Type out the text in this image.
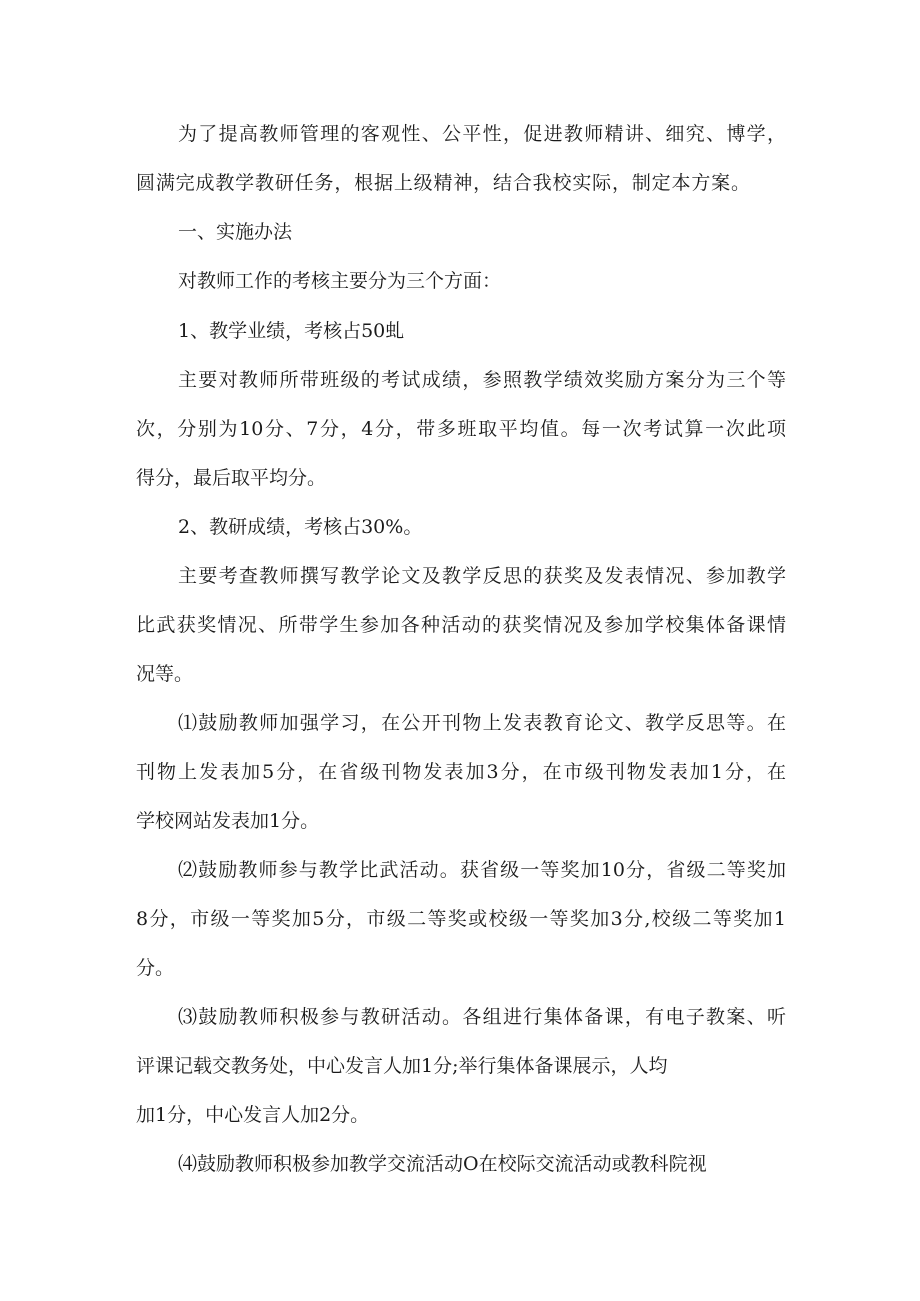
为了提高教师管理的客观性、公平性，促进教师精讲、细究、博学，
圆满完成教学教研任务，根据上级精神，结合我校实际，制定本方案。
一、实施办法
对教师工作的考核主要分为三个方面：
1、教学业绩，考核占50虬
主要对教师所带班级的考试成绩，参照教学绩效奖励方案分为三个等
次，分别为10分、7分，4分，带多班取平均值。每一次考试算一次此项
得分，最后取平均分。
2、教研成绩，考核占30%。
主要考查教师撰写教学论文及教学反思的获奖及发表情况、参加教学
比武获奖情况、所带学生参加各种活动的获奖情况及参加学校集体备课情
况等。
⑴鼓励教师加强学习，在公开刊物上发表教育论文、教学反思等。在
刊物上发表加5分，在省级刊物发表加3分，在市级刊物发表加1分，在
学校网站发表加1分。
⑵鼓励教师参与教学比武活动。获省级一等奖加10分，省级二等奖加
8分，市级一等奖加5分，市级二等奖或校级一等奖加3分,校级二等奖加1
分。
⑶鼓励教师积极参与教研活动。各组进行集体备课，有电子教案、听
评课记载交教务处，中心发言人加1分;举行集体备课展示，人均
加1分，中心发言人加2分。
⑷鼓励教师积极参加教学交流活动O在校际交流活动或教科院视
